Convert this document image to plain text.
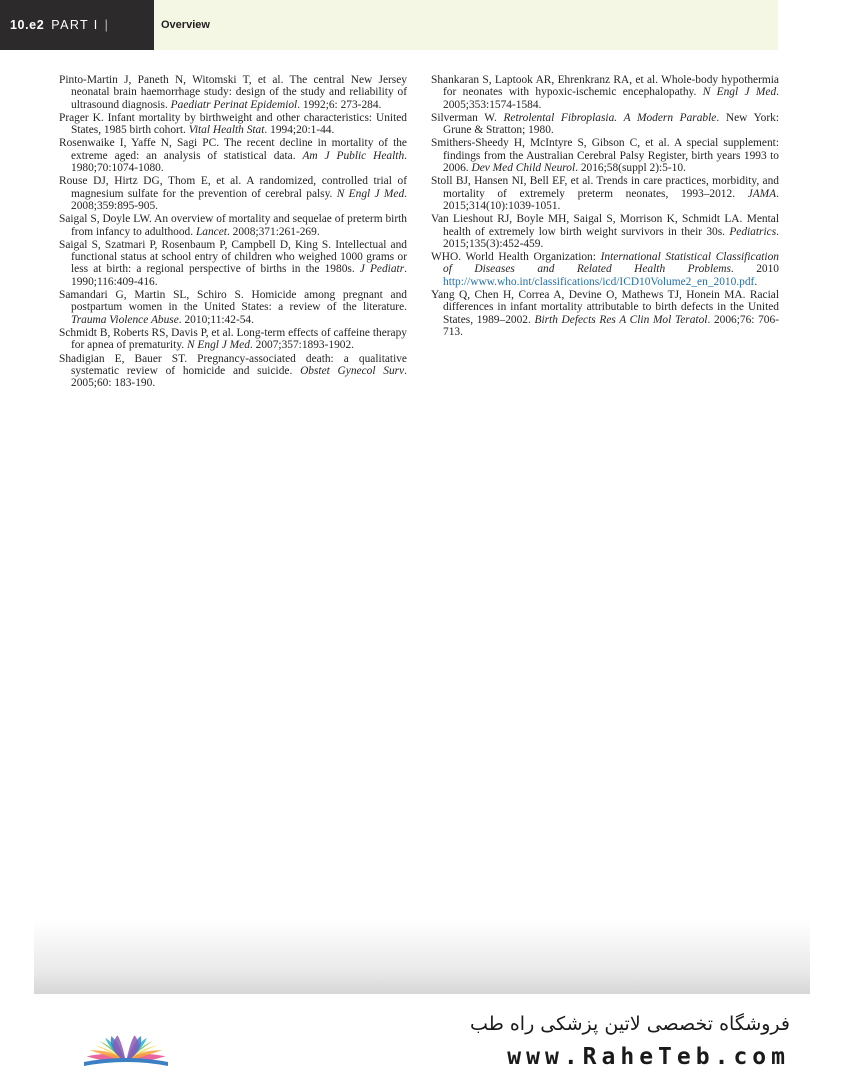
10.e2 PART I |	Overview

Pinto-Martin J, Paneth N, Witomski T, et al. The central New Jersey neonatal brain haemorrhage study: design of the study and reliability of ultrasound diagnosis. Paediatr Perinat Epidemiol. 1992;6: 273-284.

Prager K. Infant mortality by birthweight and other characteristics: United States, 1985 birth cohort. Vital Health Stat. 1994;20:1-44.

Rosenwaike I, Yaffe N, Sagi PC. The recent decline in mortality of the extreme aged: an analysis of statistical data. Am J Public Health. 1980;70:1074-1080.

Rouse DJ, Hirtz DG, Thom E, et al. A randomized, controlled trial of magnesium sulfate for the prevention of cerebral palsy. N Engl J Med. 2008;359:895-905.

Saigal S, Doyle LW. An overview of mortality and sequelae of preterm birth from infancy to adulthood. Lancet. 2008;371:261-269.

Saigal S, Szatmari P, Rosenbaum P, Campbell D, King S. Intellectual and functional status at school entry of children who weighed 1000 grams or less at birth: a regional perspective of births in the 1980s. J Pediatr. 1990;116:409-416.

Samandari G, Martin SL, Schiro S. Homicide among pregnant and postpartum women in the United States: a review of the literature. Trauma Violence Abuse. 2010;11:42-54.

Schmidt B, Roberts RS, Davis P, et al. Long-term effects of caffeine therapy for apnea of prematurity. N Engl J Med. 2007;357:1893-1902.

Shadigian E, Bauer ST. Pregnancy-associated death: a qualitative systematic review of homicide and suicide. Obstet Gynecol Surv. 2005;60: 183-190.

Shankaran S, Laptook AR, Ehrenkranz RA, et al. Whole-body hypothermia for neonates with hypoxic-ischemic encephalopathy. N Engl J Med. 2005;353:1574-1584.

Silverman W. Retrolental Fibroplasia. A Modern Parable. New York: Grune & Stratton; 1980.

Smithers-Sheedy H, McIntyre S, Gibson C, et al. A special supplement: findings from the Australian Cerebral Palsy Register, birth years 1993 to 2006. Dev Med Child Neurol. 2016;58(suppl 2):5-10.

Stoll BJ, Hansen NI, Bell EF, et al. Trends in care practices, morbidity, and mortality of extremely preterm neonates, 1993–2012. JAMA. 2015;314(10):1039-1051.

Van Lieshout RJ, Boyle MH, Saigal S, Morrison K, Schmidt LA. Mental health of extremely low birth weight survivors in their 30s. Pediatrics. 2015;135(3):452-459.

WHO. World Health Organization: International Statistical Classification of Diseases and Related Health Problems. 2010 http://www.who.int/classifications/icd/ICD10Volume2_en_2010.pdf.

Yang Q, Chen H, Correa A, Devine O, Mathews TJ, Honein MA. Racial differences in infant mortality attributable to birth defects in the United States, 1989–2002. Birth Defects Res A Clin Mol Teratol. 2006;76: 706-713.

فروشگاه تخصصی لاتین پزشکی راه طب
www.RaheTeb.com
